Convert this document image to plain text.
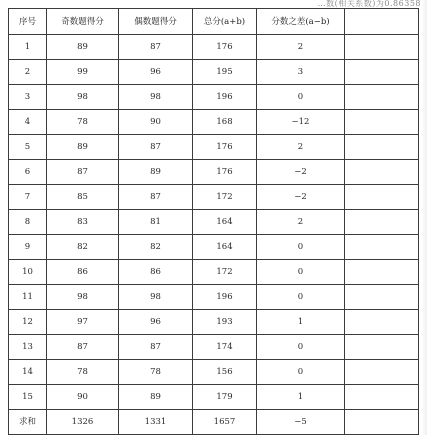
…数(相关系数)为0.86358
序号	奇数题得分	偶数题得分	总分(a+b)	分数之差(a−b)		
1	89	87	176	2		
2	99	96	195	3		
3	98	98	196	0		
4	78	90	168	−12		
5	89	87	176	2		
6	87	89	176	−2		
7	85	87	172	−2		
8	83	81	164	2		
9	82	82	164	0		
10	86	86	172	0		
11	98	98	196	0		
12	97	96	193	1		
13	87	87	174	0		
14	78	78	156	0		
15	90	89	179	1		
求和	1326	1331	1657	−5		
